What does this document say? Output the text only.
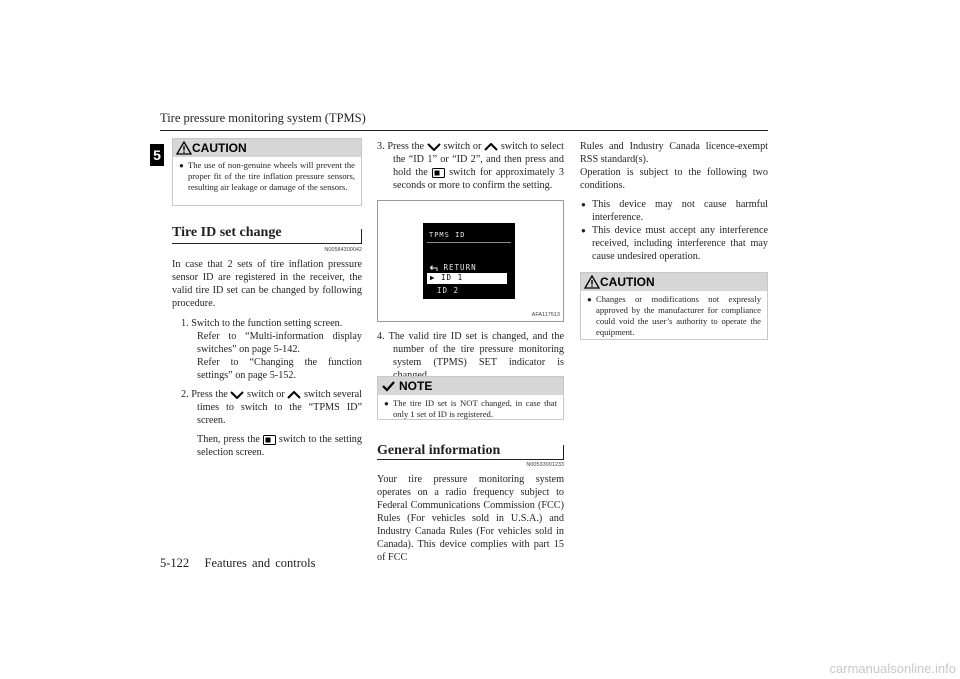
Tire pressure monitoring system (TPMS)
5-122 Features and controls
5	CAUTION
● The use of non-genuine wheels will prevent the proper fit of the tire inflation pressure sensors, resulting air leakage or damage of the sensors.
Tire ID set change
N00584300042
In case that 2 sets of tire inflation pressure sensor ID are registered in the receiver, the valid tire ID set can be changed by following procedure.
1. Switch to the function setting screen.
Refer to “Multi-information display switches” on page 5-142.
Refer to “Changing the function settings” on page 5-152.
2. Press the switch or switch several times to switch to the “TPMS ID” screen.
Then, press the switch to the setting selection screen.
3. Press the switch or switch to select the “ID 1” or “ID 2”, and then press and hold the switch for approximately 3 seconds or more to confirm the setting.
TPMS ID
RETURN
▶ ID 1
ID 2
AFA117513
4. The valid tire ID set is changed, and the number of the tire pressure monitoring system (TPMS) SET indicator is
NOTE
● The tire ID set is NOT changed, in case that only 1 set of ID is registered.
General information
N00533001233
Your tire pressure monitoring system operates on a radio frequency subject to Federal Communications Commission (FCC) Rules (For vehicles sold in U.S.A.) and Industry Canada Rules (For vehicles sold in Canada). This device complies with part 15 of FCC
Rules and Industry Canada licence-exempt RSS standard(s).
Operation is subject to the following two conditions.
● This device may not cause harmful interference.
● This device must accept any interference received, including interference that may cause undesired operation.
CAUTION
● Changes or modifications not expressly approved by the manufacturer for compliance could void the user’s authority to operate the equipment.
carmanualsonline.info
